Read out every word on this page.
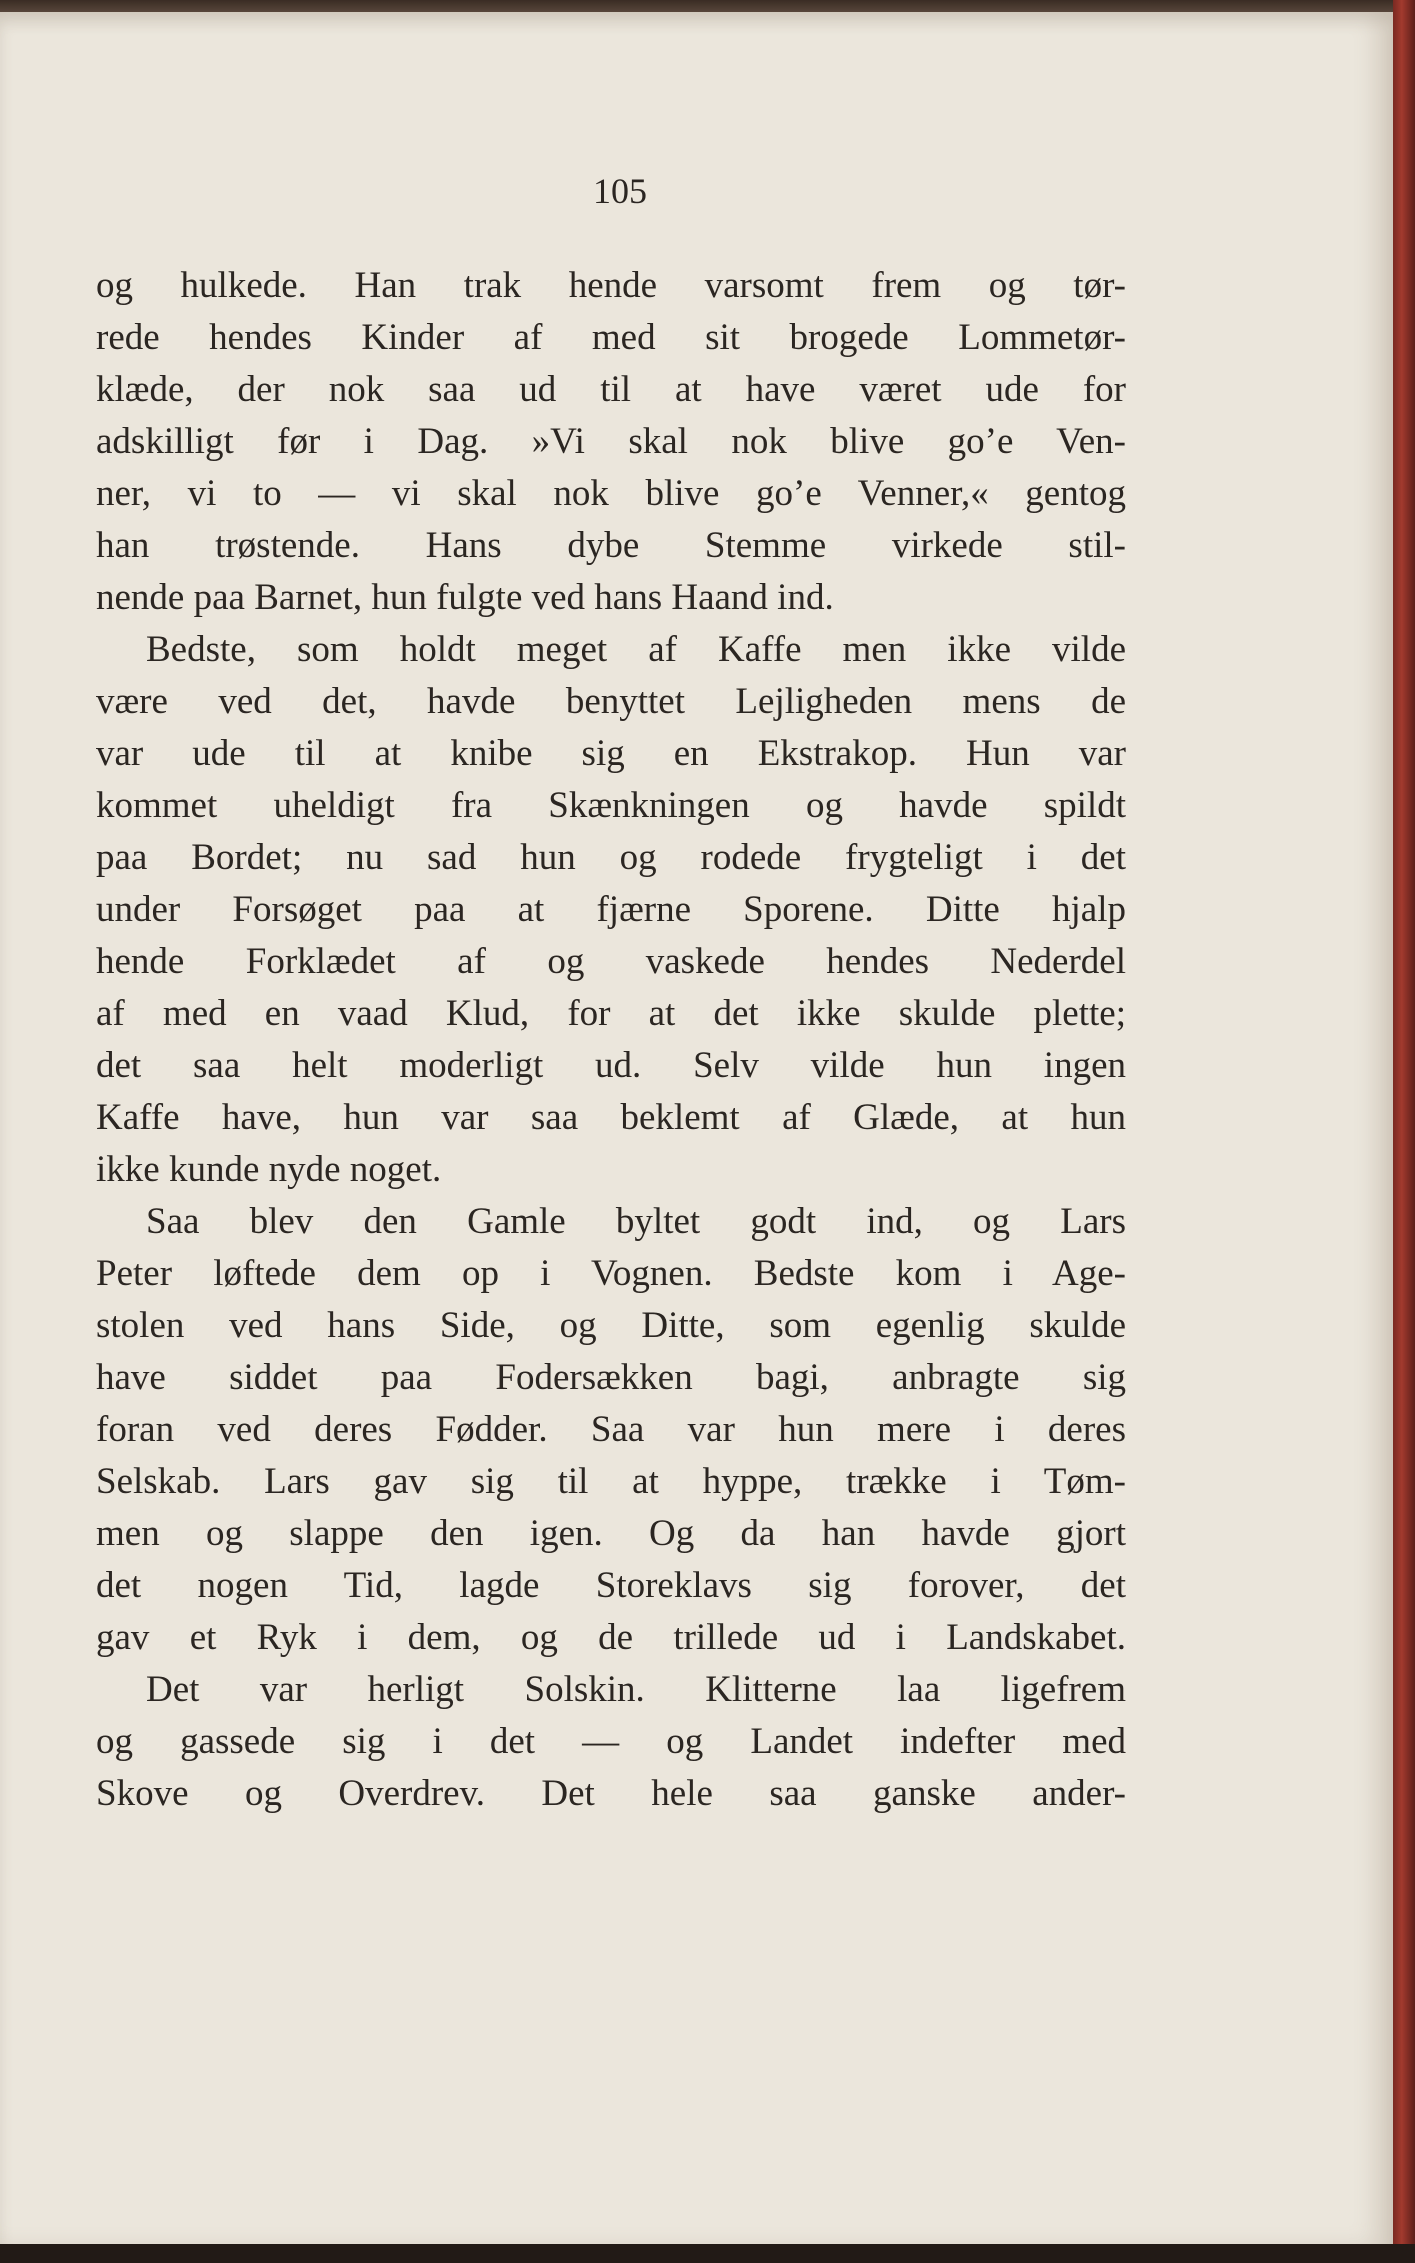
105
og hulkede. Han trak hende varsomt frem og tør-
rede hendes Kinder af med sit brogede Lommetør-
klæde, der nok saa ud til at have været ude for
adskilligt før i Dag. »Vi skal nok blive go’e Ven-
ner, vi to — vi skal nok blive go’e Venner,« gentog
han trøstende. Hans dybe Stemme virkede stil-
nende paa Barnet, hun fulgte ved hans Haand ind.
Bedste, som holdt meget af Kaffe men ikke vilde
være ved det, havde benyttet Lejligheden mens de
var ude til at knibe sig en Ekstrakop. Hun var
kommet uheldigt fra Skænkningen og havde spildt
paa Bordet; nu sad hun og rodede frygteligt i det
under Forsøget paa at fjærne Sporene. Ditte hjalp
hende Forklædet af og vaskede hendes Nederdel
af med en vaad Klud, for at det ikke skulde plette;
det saa helt moderligt ud. Selv vilde hun ingen
Kaffe have, hun var saa beklemt af Glæde, at hun
ikke kunde nyde noget.
Saa blev den Gamle byltet godt ind, og Lars
Peter løftede dem op i Vognen. Bedste kom i Age-
stolen ved hans Side, og Ditte, som egenlig skulde
have siddet paa Fodersækken bagi, anbragte sig
foran ved deres Fødder. Saa var hun mere i deres
Selskab. Lars gav sig til at hyppe, trække i Tøm-
men og slappe den igen. Og da han havde gjort
det nogen Tid, lagde Storeklavs sig forover, det
gav et Ryk i dem, og de trillede ud i Landskabet.
Det var herligt Solskin. Klitterne laa ligefrem
og gassede sig i det — og Landet indefter med
Skove og Overdrev. Det hele saa ganske ander-
